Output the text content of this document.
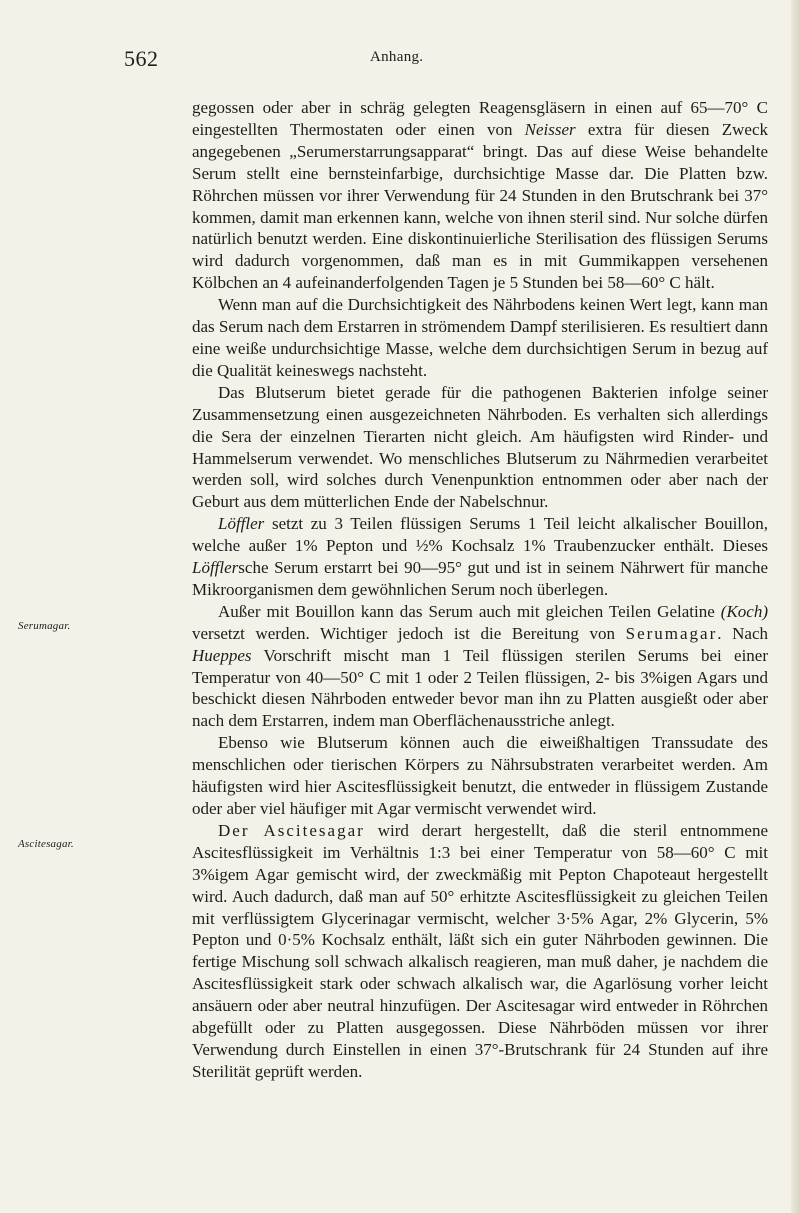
562	Anhang.
Serumagar.
Ascitesagar.

gegossen oder aber in schräg gelegten Reagensgläsern in einen auf 65—70° C eingestellten Thermostaten oder einen von Neisser extra für diesen Zweck angegebenen „Serumerstarrungsapparat“ bringt. Das auf diese Weise behandelte Serum stellt eine bernsteinfarbige, durchsichtige Masse dar. Die Platten bzw. Röhrchen müssen vor ihrer Verwendung für 24 Stunden in den Brutschrank bei 37° kommen, damit man erkennen kann, welche von ihnen steril sind. Nur solche dürfen natürlich benutzt werden. Eine diskontinuierliche Sterilisation des flüssigen Serums wird dadurch vorgenommen, daß man es in mit Gummikappen versehenen Kölbchen an 4 aufeinanderfolgenden Tagen je 5 Stunden bei 58—60° C hält.

Wenn man auf die Durchsichtigkeit des Nährbodens keinen Wert legt, kann man das Serum nach dem Erstarren in strömendem Dampf sterilisieren. Es resultiert dann eine weiße undurchsichtige Masse, welche dem durchsichtigen Serum in bezug auf die Qualität keineswegs nachsteht.

Das Blutserum bietet gerade für die pathogenen Bakterien infolge seiner Zusammensetzung einen ausgezeichneten Nährboden. Es verhalten sich allerdings die Sera der einzelnen Tierarten nicht gleich. Am häufigsten wird Rinder- und Hammelserum verwendet. Wo menschliches Blutserum zu Nährmedien verarbeitet werden soll, wird solches durch Venenpunktion entnommen oder aber nach der Geburt aus dem mütterlichen Ende der Nabelschnur.

Löffler setzt zu 3 Teilen flüssigen Serums 1 Teil leicht alkalischer Bouillon, welche außer 1% Pepton und ½% Kochsalz 1% Traubenzucker enthält. Dieses Löfflersche Serum erstarrt bei 90—95° gut und ist in seinem Nährwert für manche Mikroorganismen dem gewöhnlichen Serum noch überlegen.

Außer mit Bouillon kann das Serum auch mit gleichen Teilen Gelatine (Koch) versetzt werden. Wichtiger jedoch ist die Bereitung von Serumagar. Nach Hueppes Vorschrift mischt man 1 Teil flüssigen sterilen Serums bei einer Temperatur von 40—50° C mit 1 oder 2 Teilen flüssigen, 2- bis 3%igen Agars und beschickt diesen Nährboden entweder bevor man ihn zu Platten ausgießt oder aber nach dem Erstarren, indem man Oberflächenausstriche anlegt.

Ebenso wie Blutserum können auch die eiweißhaltigen Transsudate des menschlichen oder tierischen Körpers zu Nährsubstraten verarbeitet werden. Am häufigsten wird hier Ascitesflüssigkeit benutzt, die entweder in flüssigem Zustande oder aber viel häufiger mit Agar vermischt verwendet wird.

Der Ascitesagar wird derart hergestellt, daß die steril entnommene Ascitesflüssigkeit im Verhältnis 1:3 bei einer Temperatur von 58—60° C mit 3%igem Agar gemischt wird, der zweckmäßig mit Pepton Chapoteaut hergestellt wird. Auch dadurch, daß man auf 50° erhitzte Ascitesflüssigkeit zu gleichen Teilen mit verflüssigtem Glycerinagar vermischt, welcher 3·5% Agar, 2% Glycerin, 5% Pepton und 0·5% Kochsalz enthält, läßt sich ein guter Nährboden gewinnen. Die fertige Mischung soll schwach alkalisch reagieren, man muß daher, je nachdem die Ascitesflüssigkeit stark oder schwach alkalisch war, die Agarlösung vorher leicht ansäuern oder aber neutral hinzufügen. Der Ascitesagar wird entweder in Röhrchen abgefüllt oder zu Platten ausgegossen. Diese Nährböden müssen vor ihrer Verwendung durch Einstellen in einen 37°-Brutschrank für 24 Stunden auf ihre Sterilität geprüft werden.
